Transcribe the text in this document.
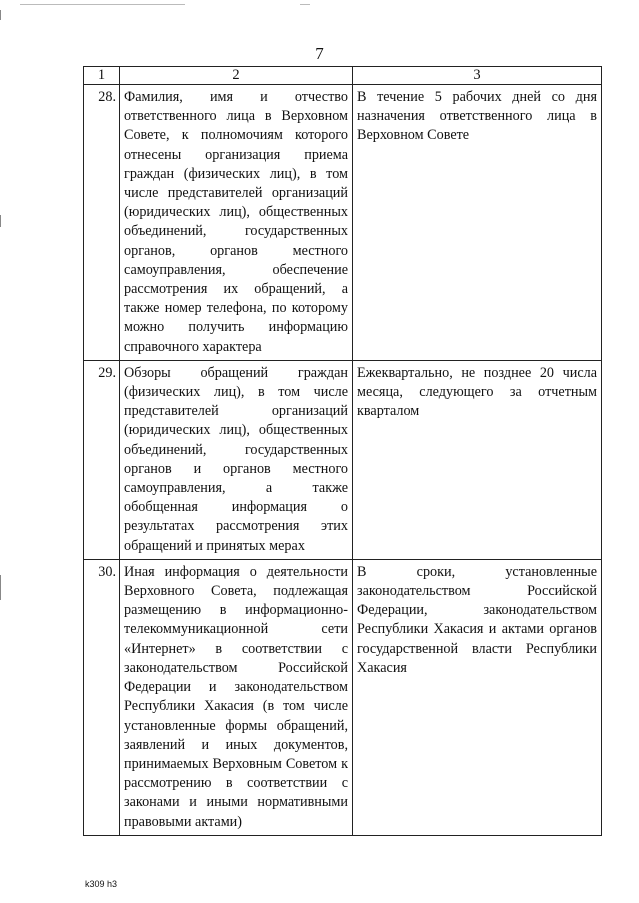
7
1	2	3
28.	Фамилия, имя и отчество ответственного лица в Верховном Совете, к полномочиям которого отнесены организация приема граждан (физических лиц), в том числе представителей организаций (юридических лиц), общественных объединений, государственных органов, органов местного самоуправления, обеспечение рассмотрения их обращений, а также номер телефона, по которому можно получить информацию справочного характера	В течение 5 рабочих дней со дня назначения ответственного лица в Верховном Совете
29.	Обзоры обращений граждан (физических лиц), в том числе представителей организаций (юридических лиц), общественных объединений, государственных органов и органов местного самоуправления, а также обобщенная информация о результатах рассмотрения этих обращений и принятых мерах	Ежеквартально, не позднее 20 числа месяца, следующего за отчетным кварталом
30.	Иная информация о деятельности Верховного Совета, подлежащая размещению в информационно-телекоммуникационной сети «Интернет» в соответствии с законодательством Российской Федерации и законодательством Республики Хакасия (в том числе установленные формы обращений, заявлений и иных документов, принимаемых Верховным Советом к рассмотрению в соответствии с законами и иными нормативными правовыми актами)	В сроки, установленные законодательством Российской Федерации, законодательством Республики Хакасия и актами органов государственной власти Республики Хакасия
k309 h3
